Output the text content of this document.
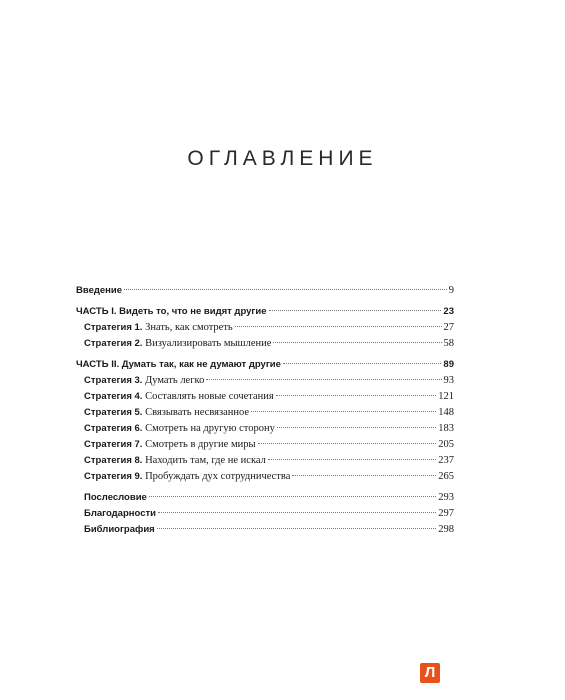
ОГЛАВЛЕНИЕ
Введение	9
ЧАСТЬ I. Видеть то, что не видят другие	23
Стратегия 1. Знать, как смотреть	27
Стратегия 2. Визуализировать мышление	58
ЧАСТЬ II. Думать так, как не думают другие	89
Стратегия 3. Думать легко	93
Стратегия 4. Составлять новые сочетания	121
Стратегия 5. Связывать несвязанное	148
Стратегия 6. Смотреть на другую сторону	183
Стратегия 7. Смотреть в другие миры	205
Стратегия 8. Находить там, где не искал	237
Стратегия 9. Пробуждать дух сотрудничества	265
Послесловие	293
Благодарности	297
Библиография	298
Л
